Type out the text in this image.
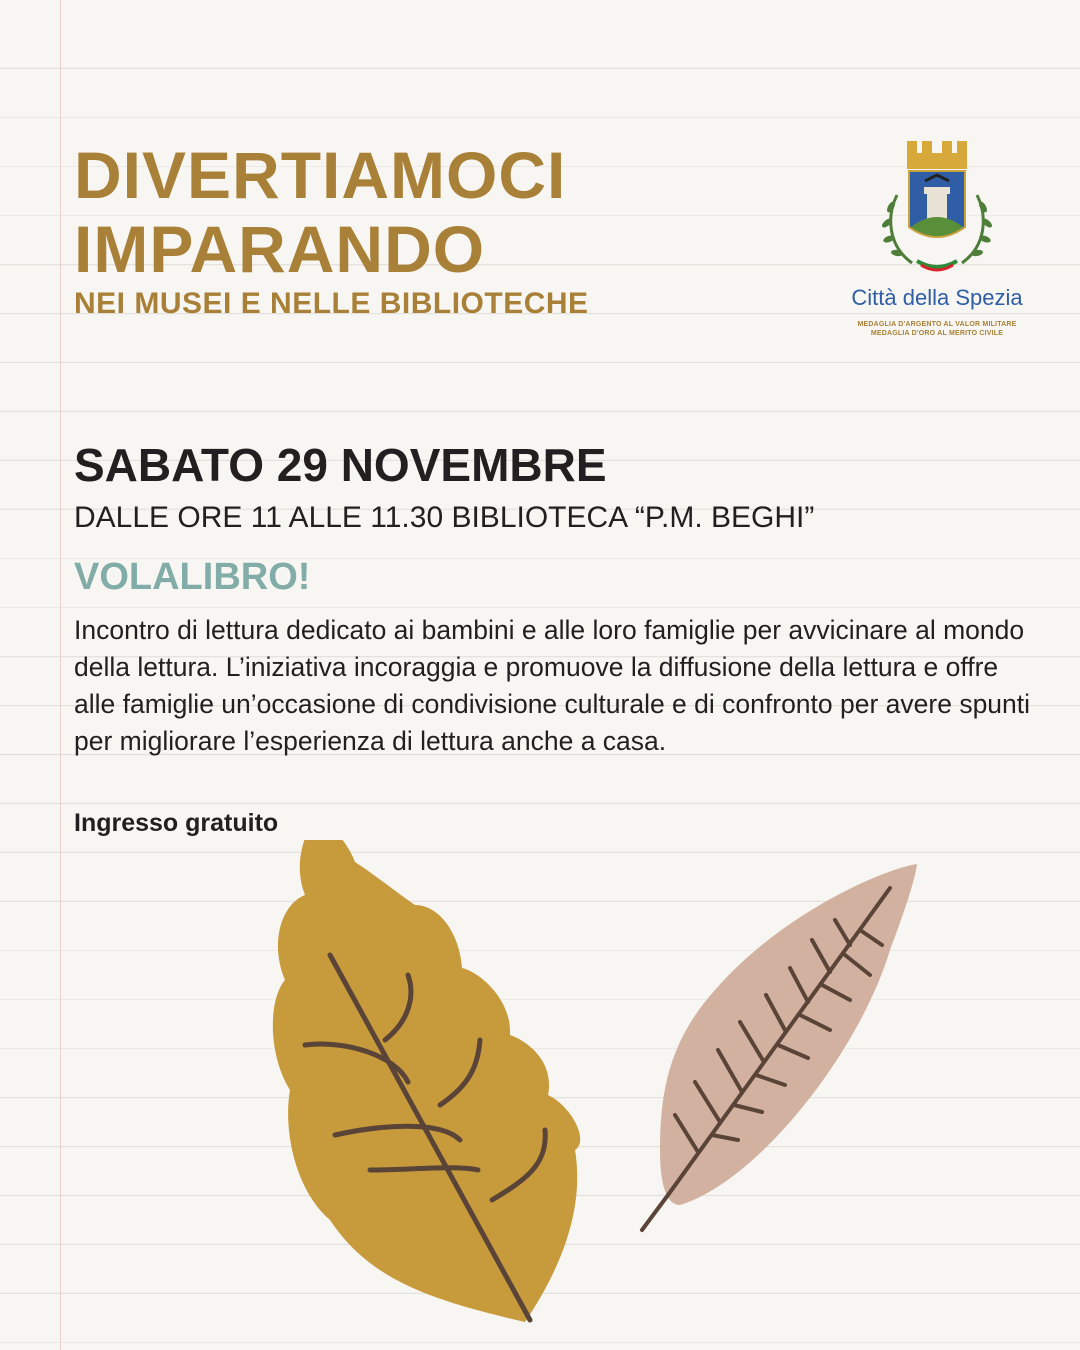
DIVERTIAMOCI
IMPARANDO
NEI MUSEI E NELLE BIBLIOTECHE	Città della Spezia
MEDAGLIA D'ARGENTO AL VALOR MILITARE
MEDAGLIA D'ORO AL MERITO CIVILE
SABATO 29 NOVEMBRE
DALLE ORE 11 ALLE 11.30 BIBLIOTECA “P.M. BEGHI”
VOLALIBRO!

Incontro di lettura dedicato ai bambini e alle loro famiglie per avvicinare al mondo della lettura. L’iniziativa incoraggia e promuove la diffusione della lettura e offre alle famiglie un’occasione di condivisione culturale e di confronto per avere spunti per migliorare l’esperienza di lettura anche a casa.

Ingresso gratuito
